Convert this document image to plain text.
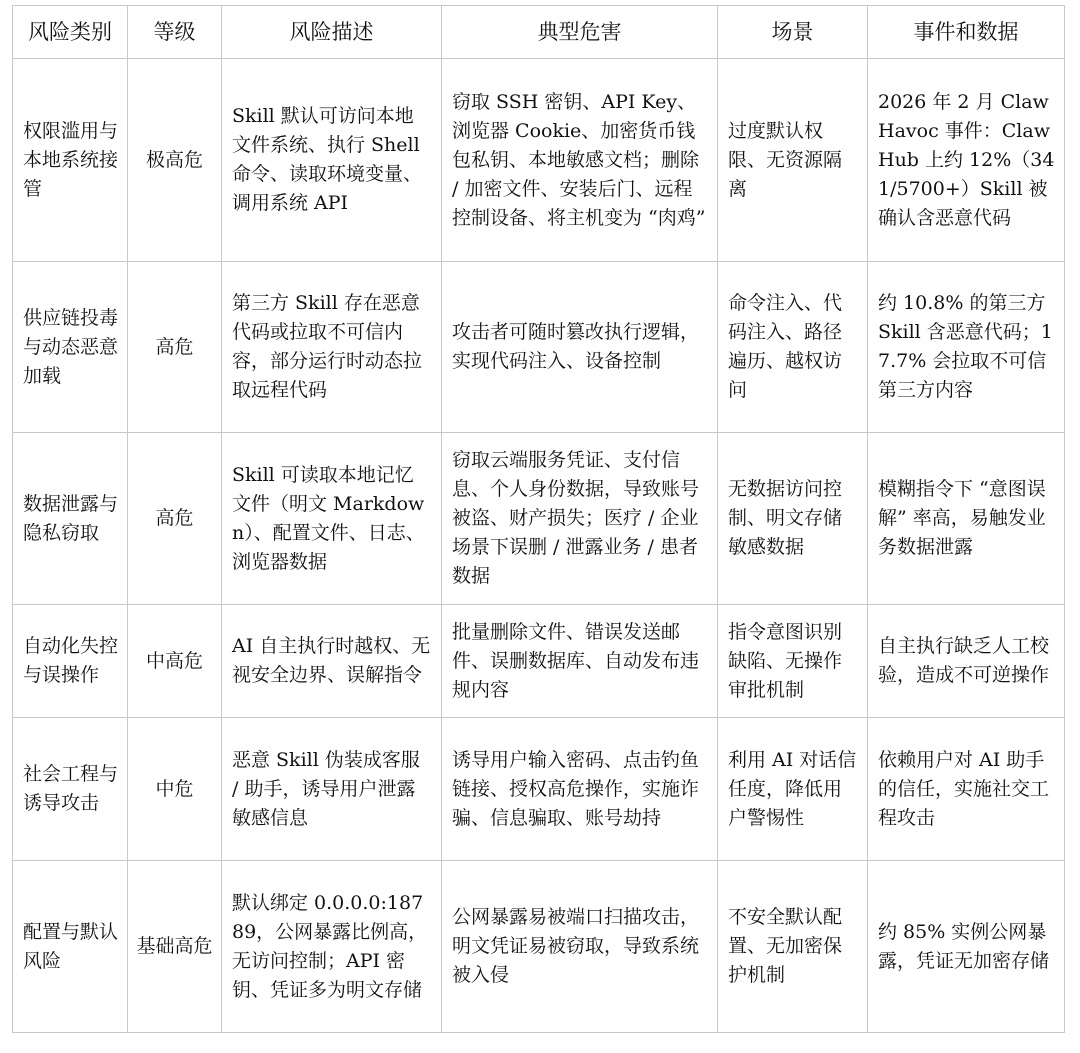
风险类别	等级	风险描述	典型危害	场景	事件和数据
权限滥用与本地系统接管	极高危	Skill 默认可访问本地文件系统、执行 Shell 命令、读取环境变量、调用系统 API	窃取 SSH 密钥、API Key、浏览器 Cookie、加密货币钱包私钥、本地敏感文档；删除 / 加密文件、安装后门、远程控制设备、将主机变为 “肉鸡”	过度默认权限、无资源隔离	2026 年 2 月 ClawHavoc 事件：ClawHub 上约 12%（341/5700+）Skill 被确认含恶意代码
供应链投毒与动态恶意加载	高危	第三方 Skill 存在恶意代码或拉取不可信内容，部分运行时动态拉取远程代码	攻击者可随时篡改执行逻辑，实现代码注入、设备控制	命令注入、代码注入、路径遍历、越权访问	约 10.8% 的第三方 Skill 含恶意代码；17.7% 会拉取不可信第三方内容
数据泄露与隐私窃取	高危	Skill 可读取本地记忆文件（明文 Markdown）、配置文件、日志、浏览器数据	窃取云端服务凭证、支付信息、个人身份数据，导致账号被盗、财产损失；医疗 / 企业场景下误删 / 泄露业务 / 患者数据	无数据访问控制、明文存储敏感数据	模糊指令下 “意图误解” 率高，易触发业务数据泄露
自动化失控与误操作	中高危	AI 自主执行时越权、无视安全边界、误解指令	批量删除文件、错误发送邮件、误删数据库、自动发布违规内容	指令意图识别缺陷、无操作审批机制	自主执行缺乏人工校验，造成不可逆操作
社会工程与诱导攻击	中危	恶意 Skill 伪装成客服 / 助手，诱导用户泄露敏感信息	诱导用户输入密码、点击钓鱼链接、授权高危操作，实施诈骗、信息骗取、账号劫持	利用 AI 对话信任度，降低用户警惕性	依赖用户对 AI 助手的信任，实施社交工程攻击
配置与默认风险	基础高危	默认绑定 0.0.0.0:18789，公网暴露比例高，无访问控制；API 密钥、凭证多为明文存储	公网暴露易被端口扫描攻击，明文凭证易被窃取，导致系统被入侵	不安全默认配置、无加密保护机制	约 85% 实例公网暴露，凭证无加密存储
